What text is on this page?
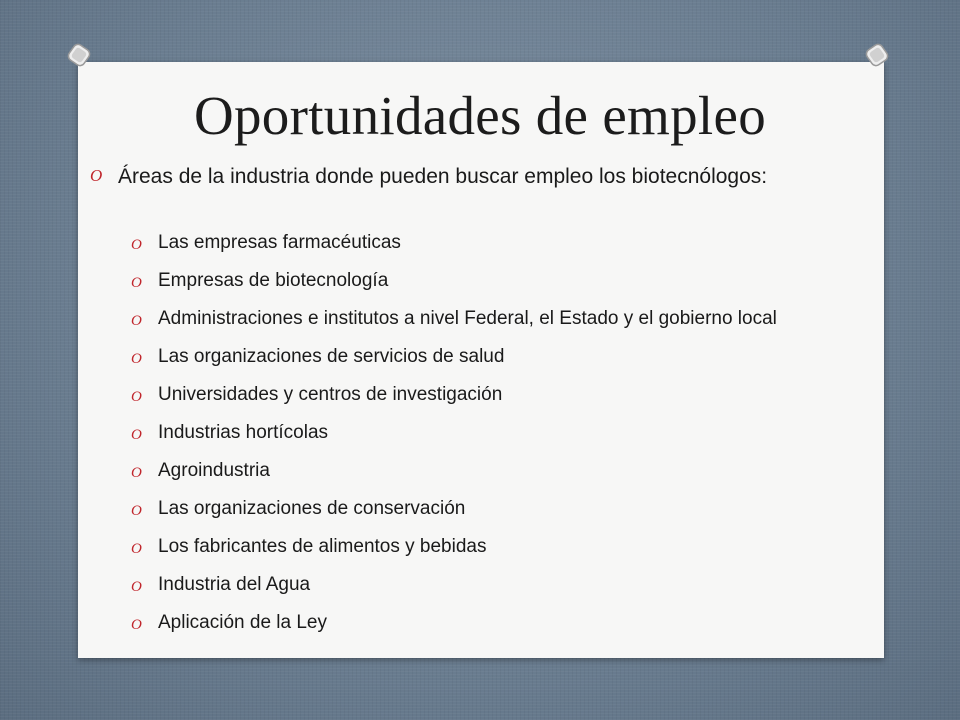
Oportunidades de empleo
O Áreas de la industria donde pueden buscar empleo los biotecnólogos:
O Las empresas farmacéuticas
O Empresas de biotecnología
O Administraciones e institutos a nivel Federal, el Estado y el gobierno local
O Las organizaciones de servicios de salud
O Universidades y centros de investigación
O Industrias hortícolas
O Agroindustria
O Las organizaciones de conservación
O Los fabricantes de alimentos y bebidas
O Industria del Agua
O Aplicación de la Ley
